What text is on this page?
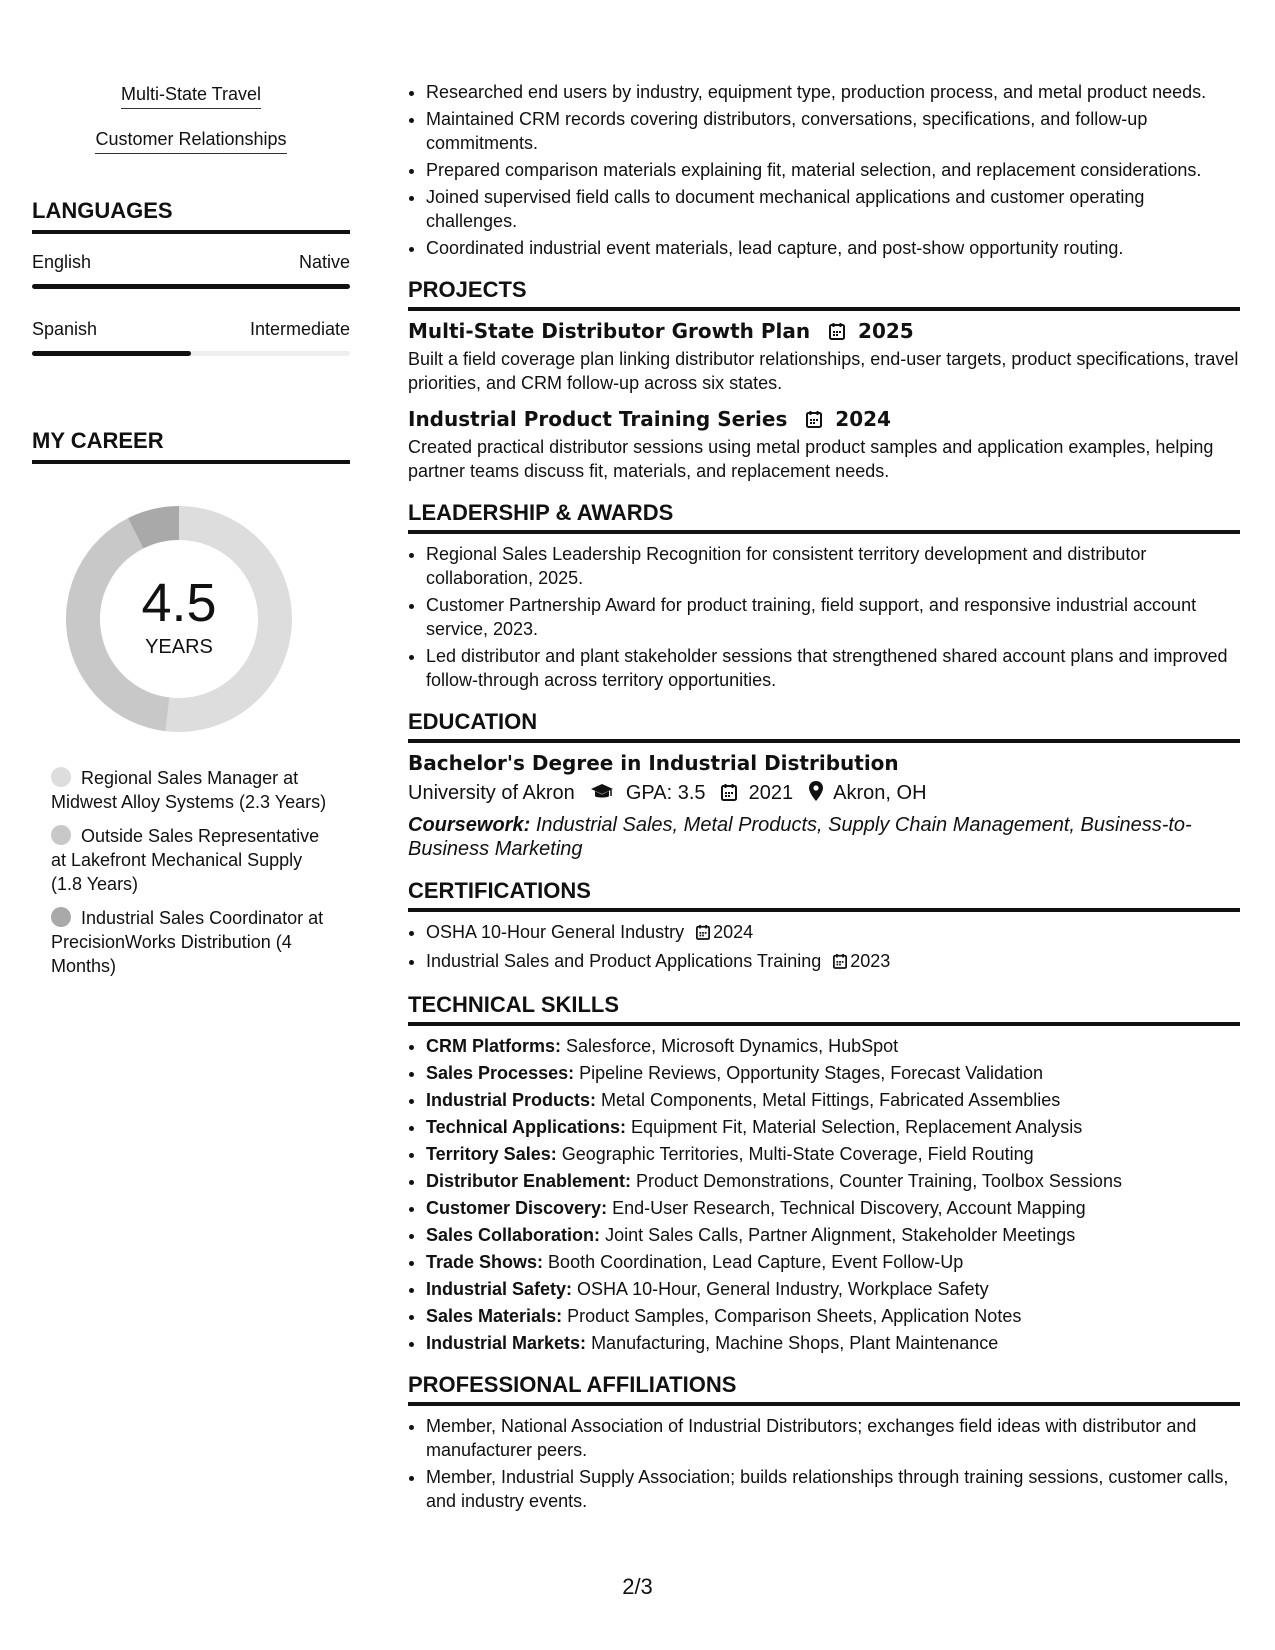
Multi-State Travel
Customer Relationships
LANGUAGES
English	Native
Spanish	Intermediate
MY CAREER
4.5
YEARS
Regional Sales Manager at Midwest Alloy Systems (2.3 Years)
Outside Sales Representative at Lakefront Mechanical Supply (1.8 Years)
Industrial Sales Coordinator at PrecisionWorks Distribution (4 Months)
• Researched end users by industry, equipment type, production process, and metal product needs.
• Maintained CRM records covering distributors, conversations, specifications, and follow-up commitments.
• Prepared comparison materials explaining fit, material selection, and replacement considerations.
• Joined supervised field calls to document mechanical applications and customer operating challenges.
• Coordinated industrial event materials, lead capture, and post-show opportunity routing.
PROJECTS
Multi-State Distributor Growth Plan 2025
Built a field coverage plan linking distributor relationships, end-user targets, product specifications, travel priorities, and CRM follow-up across six states.
Industrial Product Training Series 2024
Created practical distributor sessions using metal product samples and application examples, helping partner teams discuss fit, materials, and replacement needs.
LEADERSHIP & AWARDS
• Regional Sales Leadership Recognition for consistent territory development and distributor collaboration, 2025.
• Customer Partnership Award for product training, field support, and responsive industrial account service, 2023.
• Led distributor and plant stakeholder sessions that strengthened shared account plans and improved follow-through across territory opportunities.
EDUCATION
Bachelor's Degree in Industrial Distribution
University of Akron	GPA: 3.5 2021 Akron, OH
Coursework: Industrial Sales, Metal Products, Supply Chain Management, Business-to-Business Marketing
CERTIFICATIONS
• OSHA 10-Hour General Industry 2024
• Industrial Sales and Product Applications Training 2023
TECHNICAL SKILLS
• CRM Platforms: Salesforce, Microsoft Dynamics, HubSpot
• Sales Processes: Pipeline Reviews, Opportunity Stages, Forecast Validation
• Industrial Products: Metal Components, Metal Fittings, Fabricated Assemblies
• Technical Applications: Equipment Fit, Material Selection, Replacement Analysis
• Territory Sales: Geographic Territories, Multi-State Coverage, Field Routing
• Distributor Enablement: Product Demonstrations, Counter Training, Toolbox Sessions
• Customer Discovery: End-User Research, Technical Discovery, Account Mapping
• Sales Collaboration: Joint Sales Calls, Partner Alignment, Stakeholder Meetings
• Trade Shows: Booth Coordination, Lead Capture, Event Follow-Up
• Industrial Safety: OSHA 10-Hour, General Industry, Workplace Safety
• Sales Materials: Product Samples, Comparison Sheets, Application Notes
• Industrial Markets: Manufacturing, Machine Shops, Plant Maintenance
PROFESSIONAL AFFILIATIONS
• Member, National Association of Industrial Distributors; exchanges field ideas with distributor and manufacturer peers.
• Member, Industrial Supply Association; builds relationships through training sessions, customer calls, and industry events.
2/3
